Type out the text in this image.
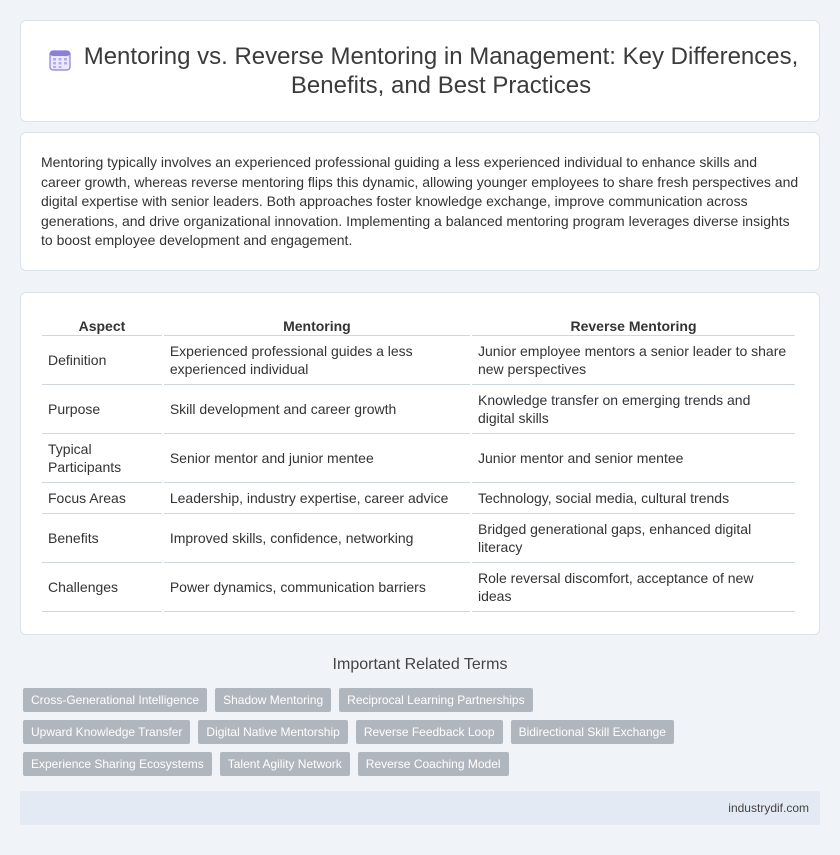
Mentoring vs. Reverse Mentoring in Management: Key Differences, Benefits, and Best Practices

Mentoring typically involves an experienced professional guiding a less experienced individual to enhance skills and career growth, whereas reverse mentoring flips this dynamic, allowing younger employees to share fresh perspectives and digital expertise with senior leaders. Both approaches foster knowledge exchange, improve communication across generations, and drive organizational innovation. Implementing a balanced mentoring program leverages diverse insights to boost employee development and engagement.

Aspect	Mentoring	Reverse Mentoring
Definition	Experienced professional guides a less experienced individual	Junior employee mentors a senior leader to share new perspectives
Purpose	Skill development and career growth	Knowledge transfer on emerging trends and digital skills
Typical Participants	Senior mentor and junior mentee	Junior mentor and senior mentee
Focus Areas	Leadership, industry expertise, career advice	Technology, social media, cultural trends
Benefits	Improved skills, confidence, networking	Bridged generational gaps, enhanced digital literacy
Challenges	Power dynamics, communication barriers	Role reversal discomfort, acceptance of new ideas
Important Related Terms
Cross-Generational Intelligence	Shadow Mentoring	Reciprocal Learning Partnerships
Upward Knowledge Transfer	Digital Native Mentorship	Reverse Feedback Loop	Bidirectional Skill Exchange
Experience Sharing Ecosystems	Talent Agility Network	Reverse Coaching Model
industrydif.com
